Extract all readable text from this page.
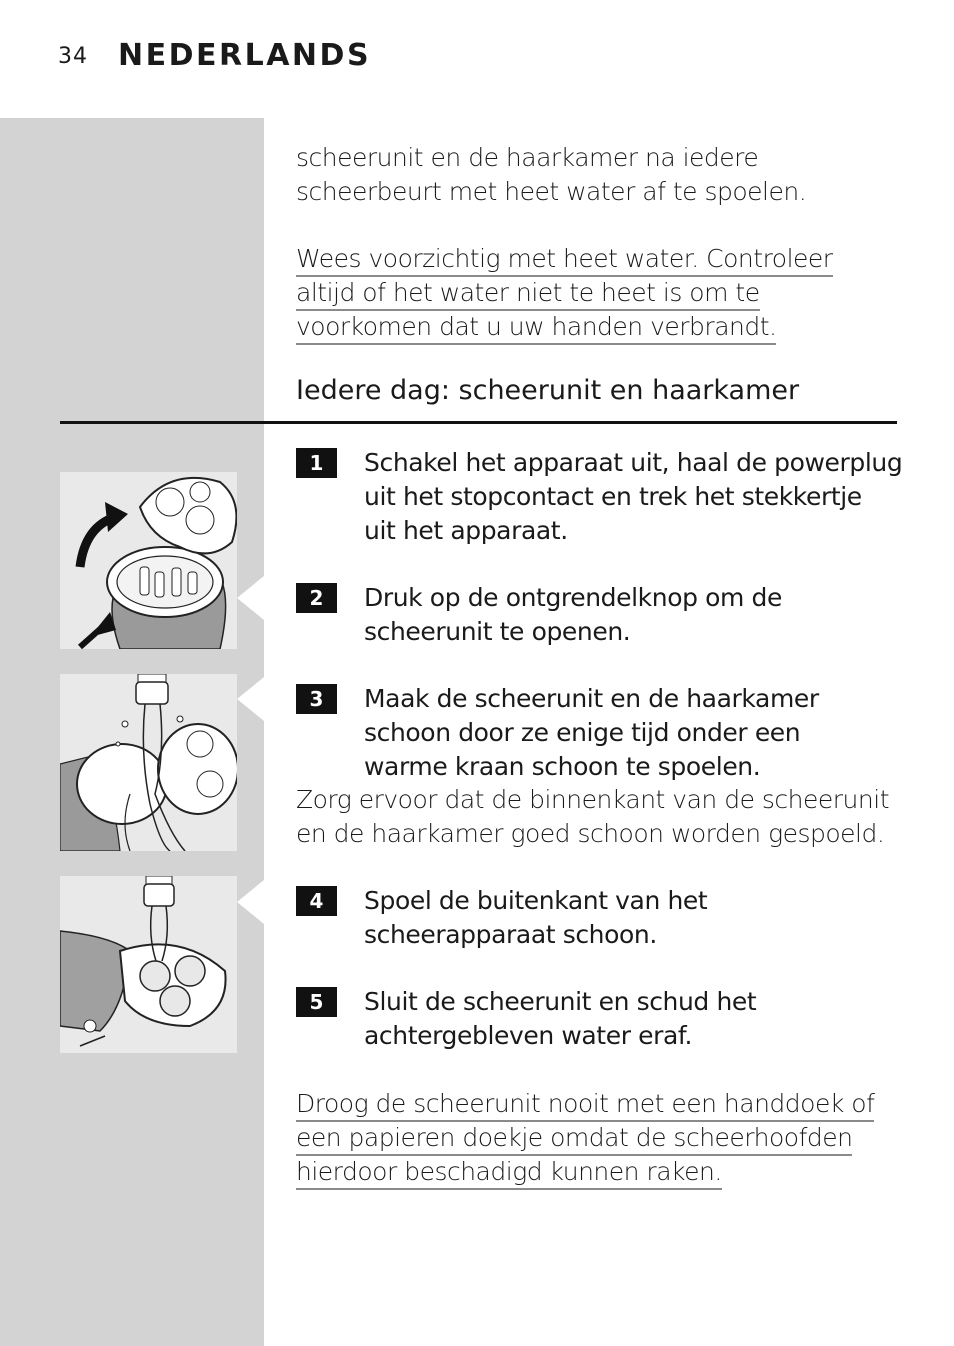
34 NEDERLANDS
scheerunit en de haarkamer na iedere
scheerbeurt met heet water af te spoelen.
Wees voorzichtig met heet water. Controleer
altijd of het water niet te heet is om te
voorkomen dat u uw handen verbrandt.
Iedere dag: scheerunit en haarkamer
1	Schakel het apparaat uit, haal de powerplug
uit het stopcontact en trek het stekkertje
uit het apparaat.
2	Druk op de ontgrendelknop om de
scheerunit te openen.
3	Maak de scheerunit en de haarkamer
schoon door ze enige tijd onder een
warme kraan schoon te spoelen.
Zorg ervoor dat de binnenkant van de scheerunit
en de haarkamer goed schoon worden gespoeld.
4	Spoel de buitenkant van het
scheerapparaat schoon.
5	Sluit de scheerunit en schud het
achtergebleven water eraf.
Droog de scheerunit nooit met een handdoek of
een papieren doekje omdat de scheerhoofden
hierdoor beschadigd kunnen raken.
